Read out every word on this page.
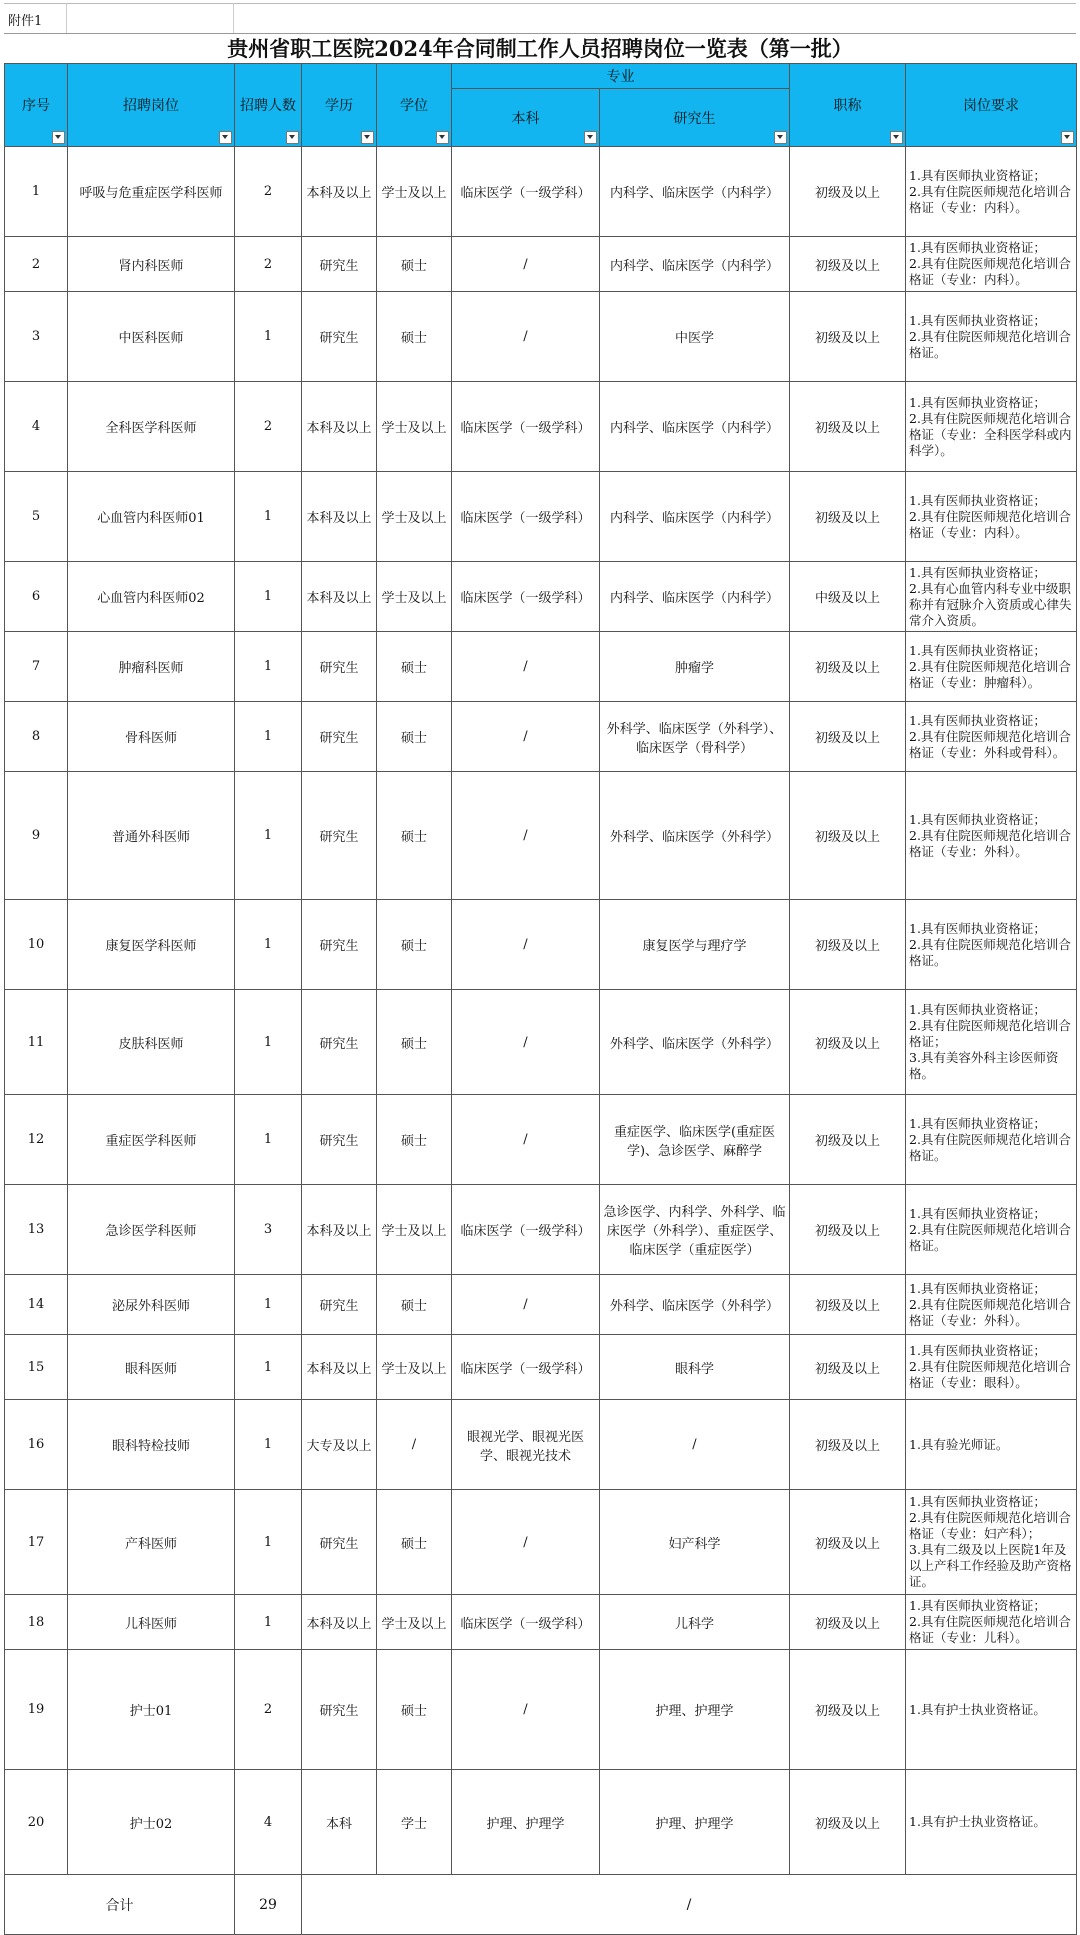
附件1
贵州省职工医院2024年合同制工作人员招聘岗位一览表（第一批）
序号	招聘岗位	招聘人数	学历	学位	专业		职称	岗位要求

					本科	研究生		

1	呼吸与危重症医学科医师	2	本科及以上	学士及以上	临床医学（一级学科）	内科学、临床医学（内科学）	初级及以上	1.具有医师执业资格证；
2.具有住院医师规范化培训合格证（专业：内科）。

2	肾内科医师	2	研究生	硕士	/	内科学、临床医学（内科学）	初级及以上	1.具有医师执业资格证；
2.具有住院医师规范化培训合格证（专业：内科）。

3	中医科医师	1	研究生	硕士	/	中医学	初级及以上	1.具有医师执业资格证；
2.具有住院医师规范化培训合格证。

4	全科医学科医师	2	本科及以上	学士及以上	临床医学（一级学科）	内科学、临床医学（内科学）	初级及以上	1.具有医师执业资格证；
2.具有住院医师规范化培训合格证（专业：全科医学科或内科学）。

5	心血管内科医师01	1	本科及以上	学士及以上	临床医学（一级学科）	内科学、临床医学（内科学）	初级及以上	1.具有医师执业资格证；
2.具有住院医师规范化培训合格证（专业：内科）。

6	心血管内科医师02	1	本科及以上	学士及以上	临床医学（一级学科）	内科学、临床医学（内科学）	中级及以上	1.具有医师执业资格证；
2.具有心血管内科专业中级职称并有冠脉介入资质或心律失常介入资质。

7	肿瘤科医师	1	研究生	硕士	/	肿瘤学	初级及以上	1.具有医师执业资格证；
2.具有住院医师规范化培训合格证（专业：肿瘤科）。

8	骨科医师	1	研究生	硕士	/	外科学、临床医学（外科学）、临床医学（骨科学）	初级及以上	1.具有医师执业资格证；
2.具有住院医师规范化培训合格证（专业：外科或骨科）。

9	普通外科医师	1	研究生	硕士	/	外科学、临床医学（外科学）	初级及以上	1.具有医师执业资格证；
2.具有住院医师规范化培训合格证（专业：外科）。

10	康复医学科医师	1	研究生	硕士	/	康复医学与理疗学	初级及以上	1.具有医师执业资格证；
2.具有住院医师规范化培训合格证。

11	皮肤科医师	1	研究生	硕士	/	外科学、临床医学（外科学）	初级及以上	1.具有医师执业资格证；
2.具有住院医师规范化培训合格证；
3.具有美容外科主诊医师资格。

12	重症医学科医师	1	研究生	硕士	/	重症医学、临床医学(重症医学)、急诊医学、麻醉学	初级及以上	1.具有医师执业资格证；
2.具有住院医师规范化培训合格证。

13	急诊医学科医师	3	本科及以上	学士及以上	临床医学（一级学科）	急诊医学、内科学、外科学、临床医学（外科学）、重症医学、临床医学（重症医学）	初级及以上	1.具有医师执业资格证；
2.具有住院医师规范化培训合格证。

14	泌尿外科医师	1	研究生	硕士	/	外科学、临床医学（外科学）	初级及以上	1.具有医师执业资格证；
2.具有住院医师规范化培训合格证（专业：外科）。

15	眼科医师	1	本科及以上	学士及以上	临床医学（一级学科）	眼科学	初级及以上	1.具有医师执业资格证；
2.具有住院医师规范化培训合格证（专业：眼科）。

16	眼科特检技师	1	大专及以上	/	眼视光学、眼视光医学、眼视光技术	/	初级及以上	1.具有验光师证。

17	产科医师	1	研究生	硕士	/	妇产科学	初级及以上	1.具有医师执业资格证；
2.具有住院医师规范化培训合格证（专业：妇产科）；
3.具有二级及以上医院1年及以上产科工作经验及助产资格证。

18	儿科医师	1	本科及以上	学士及以上	临床医学（一级学科）	儿科学	初级及以上	1.具有医师执业资格证；
2.具有住院医师规范化培训合格证（专业：儿科）。

19	护士01	2	研究生	硕士	/	护理、护理学	初级及以上	1.具有护士执业资格证。

20	护士02	4	本科	学士	护理、护理学	护理、护理学	初级及以上	1.具有护士执业资格证。

合计		29	/					
